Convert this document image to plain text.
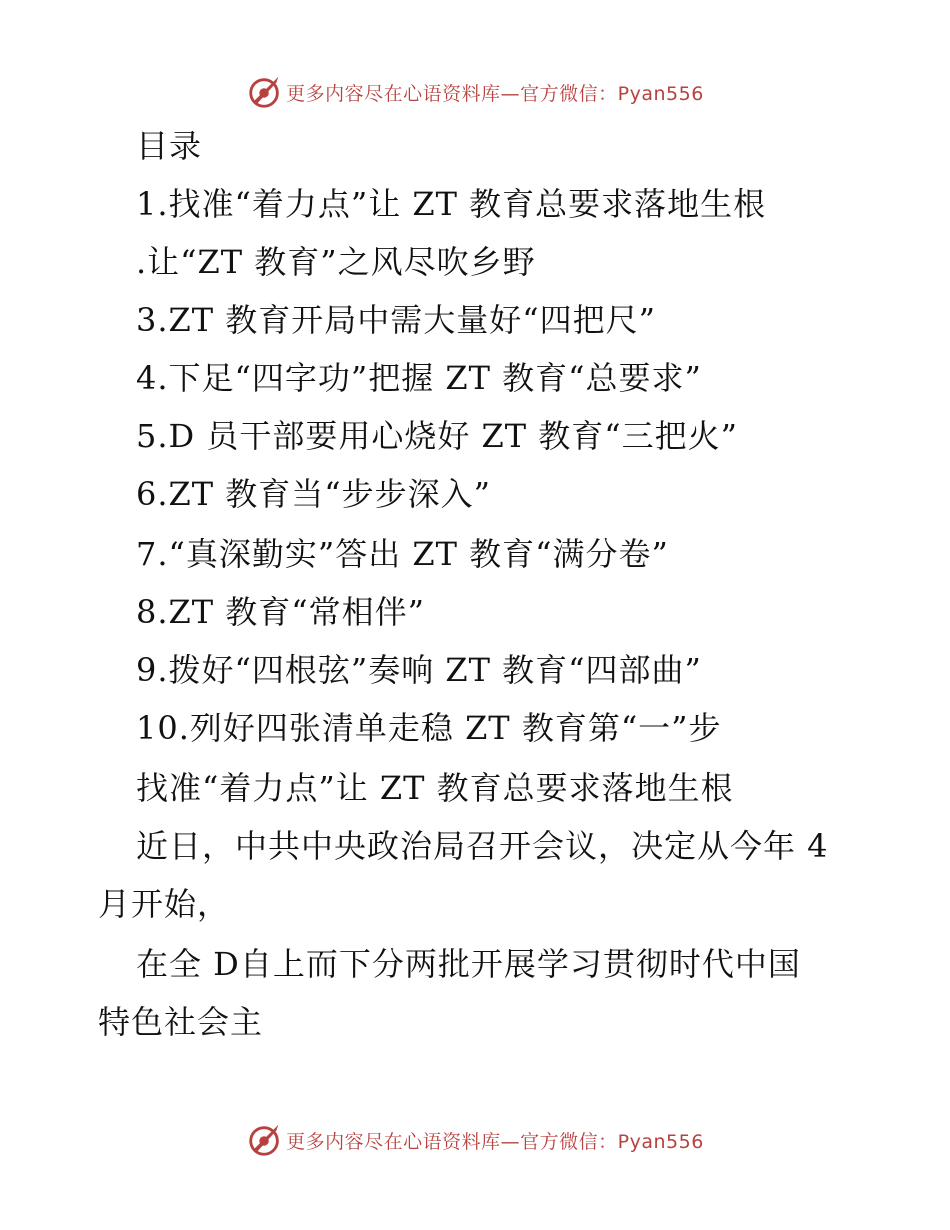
更多内容尽在心语资料库—官方微信：Pyan556
目录
1.找准“着力点”让 ZT 教育总要求落地生根
.让“ZT 教育”之风尽吹乡野
3.ZT 教育开局中需大量好“四把尺”
4.下足“四字功”把握 ZT 教育“总要求”
5.D 员干部要用心烧好 ZT 教育“三把火”
6.ZT 教育当“步步深入”
7.“真深勤实”答出 ZT 教育“满分卷”
8.ZT 教育“常相伴”
9.拨好“四根弦”奏响 ZT 教育“四部曲”
10.列好四张清单走稳 ZT 教育第“一”步
找准“着力点”让 ZT 教育总要求落地生根
近日，中共中央政治局召开会议，决定从今年 4
月开始，
在全 D自上而下分两批开展学习贯彻时代中国
特色社会主
更多内容尽在心语资料库—官方微信：Pyan556
